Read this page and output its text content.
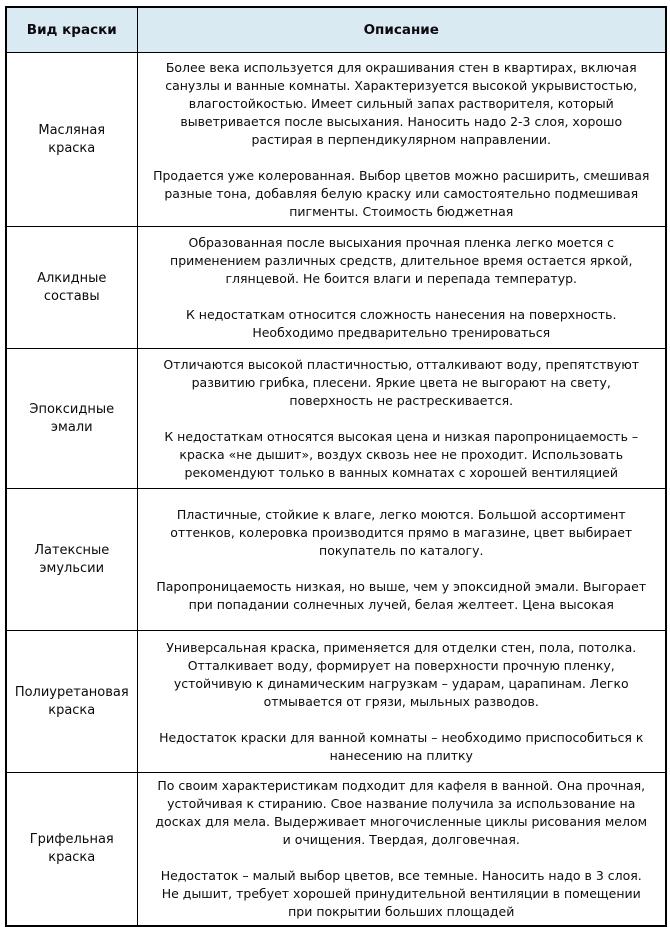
Вид краски	Описание
Масляная краска	Более века используется для окрашивания стен в квартирах, включая санузлы и ванные комнаты. Характеризуется высокой укрывистостью, влагостойкостью. Имеет сильный запах растворителя, который выветривается после высыхания. Наносить надо 2-3 слоя, хорошо растирая в перпендикулярном направлении.

Продается уже колерованная. Выбор цветов можно расширить, смешивая разные тона, добавляя белую краску или самостоятельно подмешивая пигменты. Стоимость бюджетная

Алкидные составы	Образованная после высыхания прочная пленка легко моется с применением различных средств, длительное время остается яркой, глянцевой. Не боится влаги и перепада температур.

К недостаткам относится сложность нанесения на поверхность. Необходимо предварительно тренироваться

Эпоксидные эмали	Отличаются высокой пластичностью, отталкивают воду, препятствуют развитию грибка, плесени. Яркие цвета не выгорают на свету, поверхность не растрескивается.

К недостаткам относятся высокая цена и низкая паропроницаемость – краска «не дышит», воздух сквозь нее не проходит. Использовать рекомендуют только в ванных комнатах с хорошей вентиляцией

Латексные эмульсии	Пластичные, стойкие к влаге, легко моются. Большой ассортимент оттенков, колеровка производится прямо в магазине, цвет выбирает покупатель по каталогу.

Паропроницаемость низкая, но выше, чем у эпоксидной эмали. Выгорает при попадании солнечных лучей, белая желтеет. Цена высокая

Полиуретановая краска	Универсальная краска, применяется для отделки стен, пола, потолка. Отталкивает воду, формирует на поверхности прочную пленку, устойчивую к динамическим нагрузкам – ударам, царапинам. Легко отмывается от грязи, мыльных разводов.

Недостаток краски для ванной комнаты – необходимо приспособиться к нанесению на плитку

Грифельная краска	По своим характеристикам подходит для кафеля в ванной. Она прочная, устойчивая к стиранию. Свое название получила за использование на досках для мела. Выдерживает многочисленные циклы рисования мелом и очищения. Твердая, долговечная.

Недостаток – малый выбор цветов, все темные. Наносить надо в 3 слоя. Не дышит, требует хорошей принудительной вентиляции в помещении при покрытии больших площадей
